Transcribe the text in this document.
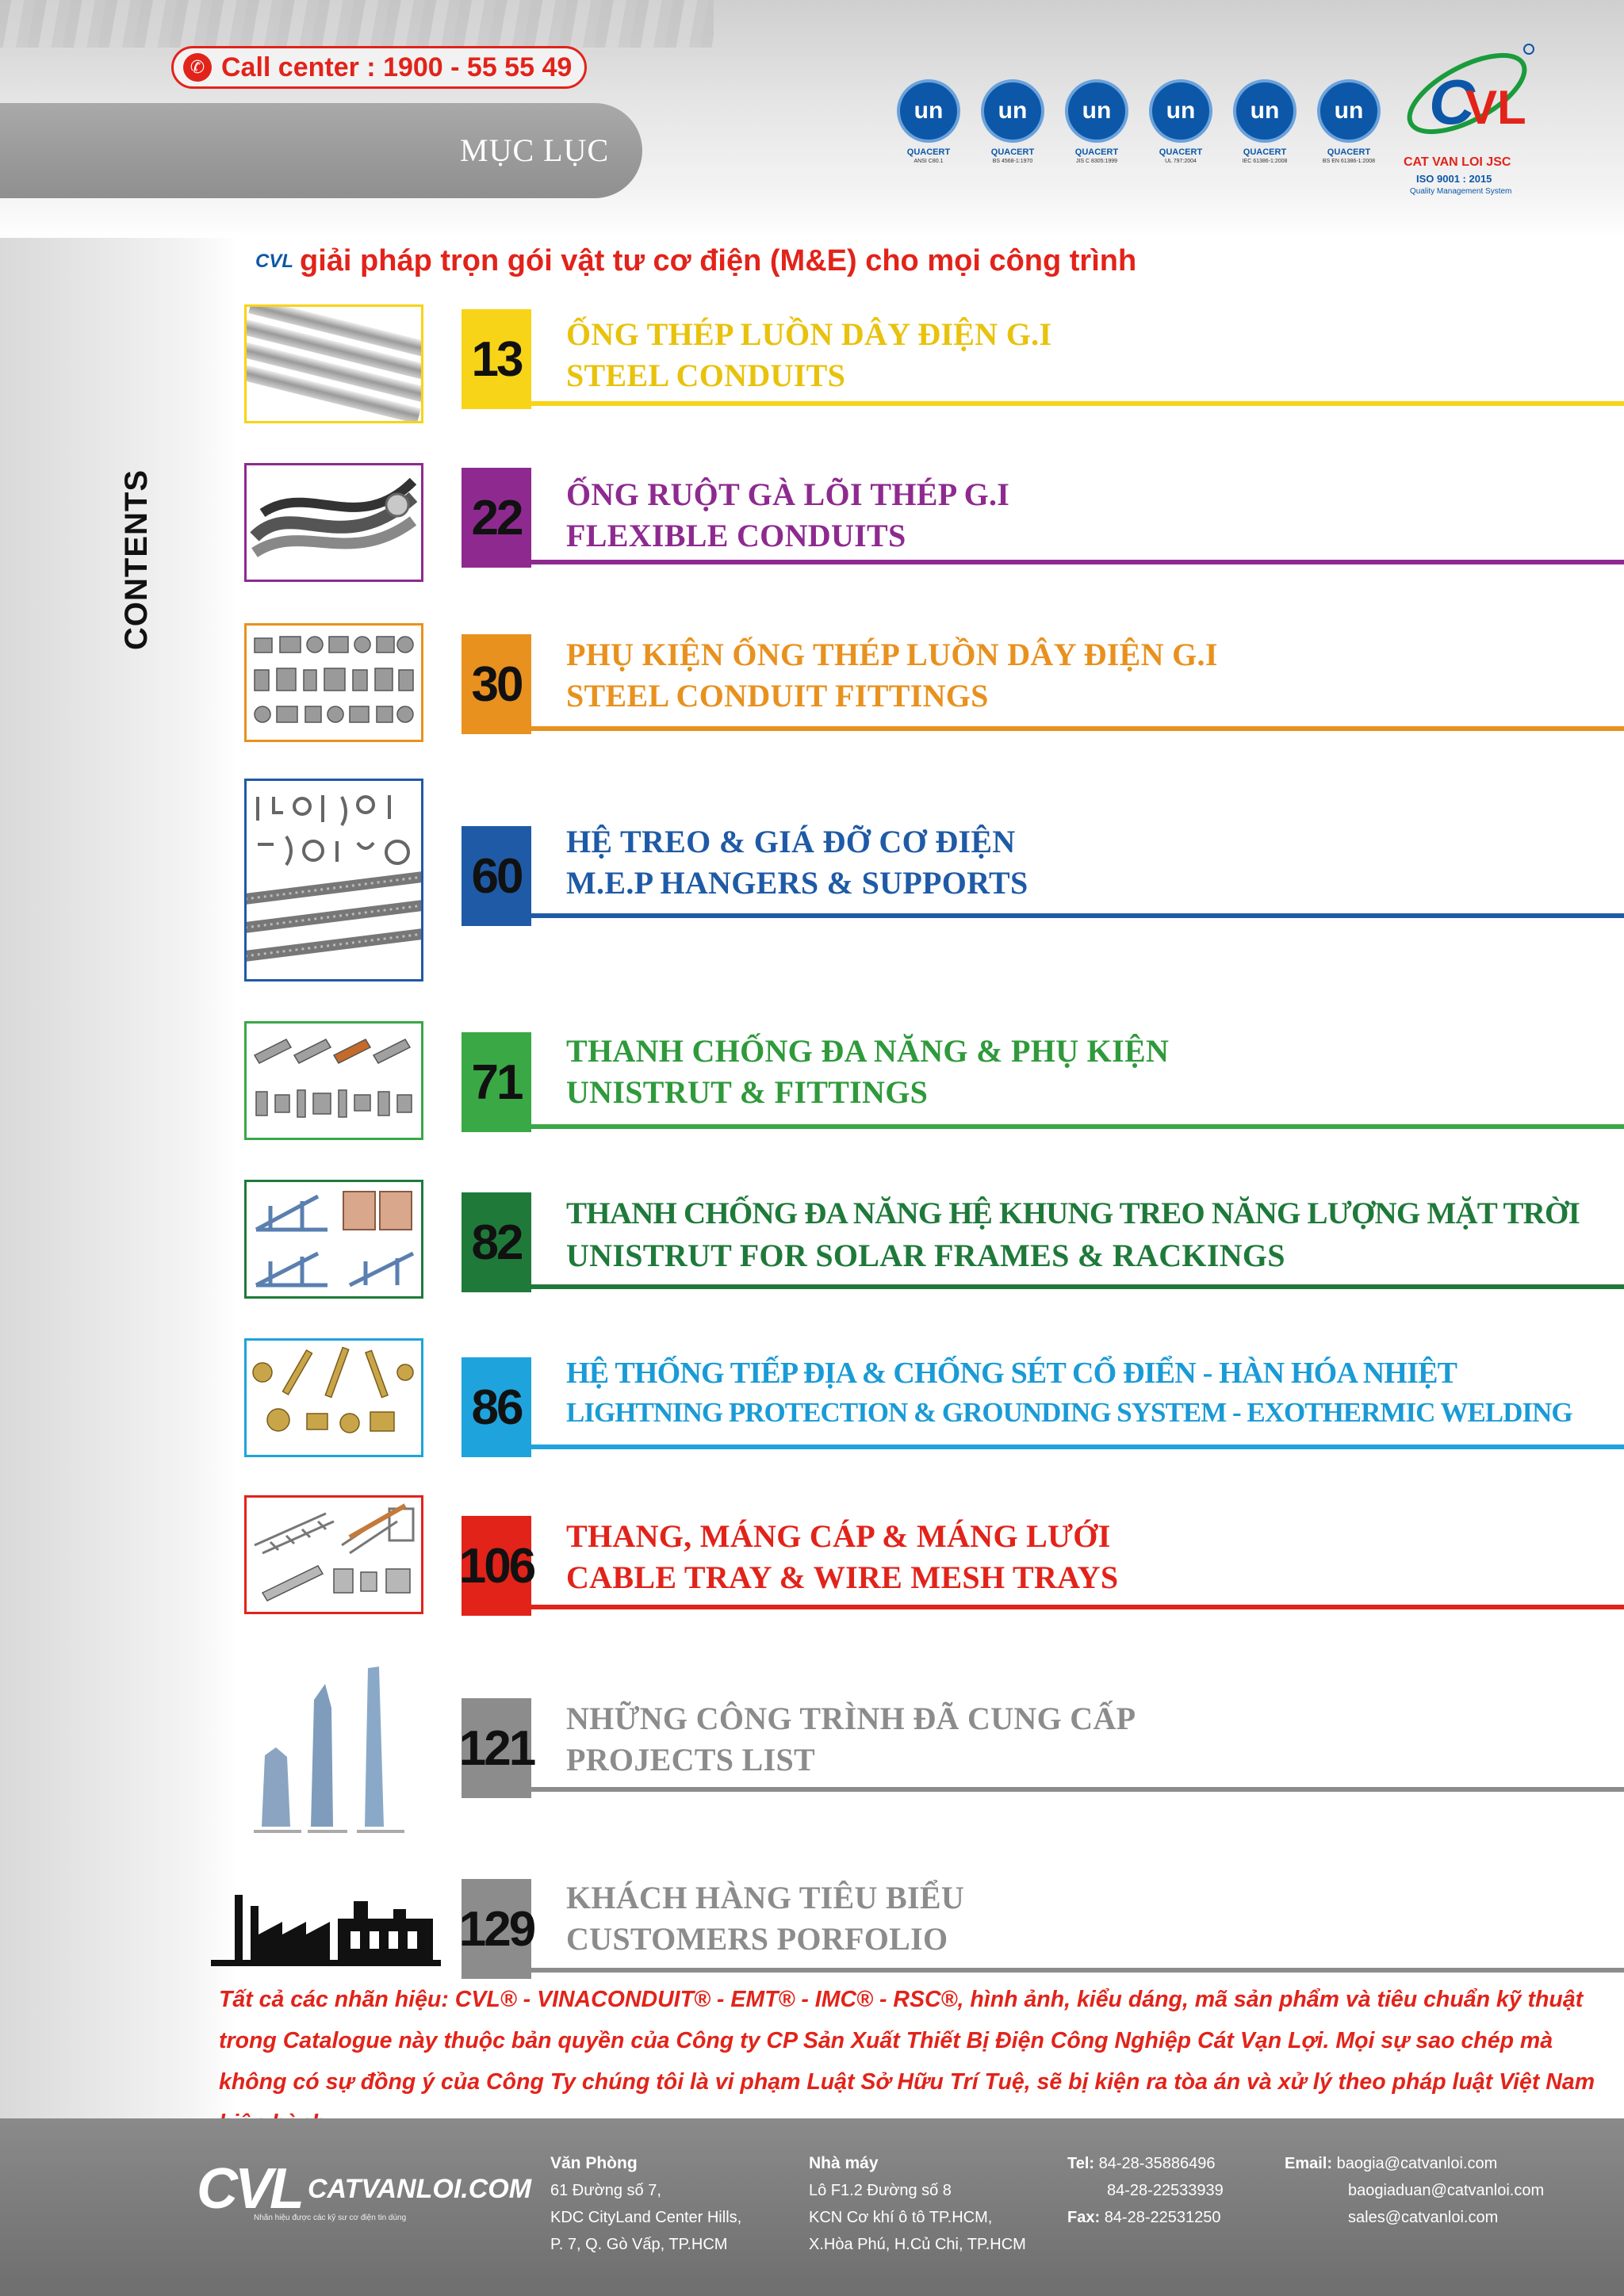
✆ Call center : 1900 - 55 55 49
MỤC LỤC
un
QUACERT
ANSI C80.1
un
QUACERT
BS 4568-1:1970
un
QUACERT
JIS C 8305:1999
un
QUACERT
UL 797:2004
un
QUACERT
IEC 61386-1:2008
un
QUACERT
BS EN 61386-1:2008
C
VL
CAT VAN LOI JSC
ISO 9001 : 2015
Quality Management System
CVL giải pháp trọn gói vật tư cơ điện (M&E) cho mọi công trình
CONTENTS
13	ỐNG THÉP LUỒN DÂY ĐIỆN G.I
STEEL CONDUITS
22	ỐNG RUỘT GÀ LÕI THÉP G.I
FLEXIBLE CONDUITS
30
PHỤ KIỆN ỐNG THÉP LUỒN DÂY ĐIỆN G.I
STEEL CONDUIT FITTINGS
60
HỆ TREO & GIÁ ĐỠ CƠ ĐIỆN
M.E.P HANGERS & SUPPORTS
71
THANH CHỐNG ĐA NĂNG & PHỤ KIỆN
UNISTRUT & FITTINGS
82
THANH CHỐNG ĐA NĂNG HỆ KHUNG TREO NĂNG LƯỢNG MẶT TRỜI
UNISTRUT FOR SOLAR FRAMES & RACKINGS
86
HỆ THỐNG TIẾP ĐỊA & CHỐNG SÉT CỔ ĐIỂN - HÀN HÓA NHIỆT
LIGHTNING PROTECTION & GROUNDING SYSTEM - EXOTHERMIC WELDING
106
THANG, MÁNG CÁP & MÁNG LƯỚI
CABLE TRAY & WIRE MESH TRAYS
121
NHỮNG CÔNG TRÌNH ĐÃ CUNG CẤP
PROJECTS LIST
129
KHÁCH HÀNG TIÊU BIỂU
CUSTOMERS PORFOLIO
Tất cả các nhãn hiệu: CVL® - VINACONDUIT® - EMT® - IMC® - RSC®, hình ảnh, kiểu dáng, mã sản phẩm và tiêu chuẩn kỹ thuật trong Catalogue này thuộc bản quyền của Công ty CP Sản Xuất Thiết Bị Điện Công Nghiệp Cát Vạn Lợi. Mọi sự sao chép mà không có sự đồng ý của Công Ty chúng tôi là vi phạm Luật Sở Hữu Trí Tuệ, sẽ bị kiện ra tòa án và xử lý theo pháp luật Việt Nam
CVL CATVANLOI.COM
Nhãn hiệu được các kỹ sư cơ điện tin dùng
Văn Phòng
61 Đường số 7,
KDC CityLand Center Hills,
P. 7, Q. Gò Vấp, TP.HCM
Nhà máy
Lô F1.2 Đường số 8
KCN Cơ khí ô tô TP.HCM,
X.Hòa Phú, H.Củ Chi, TP.HCM
Tel: 84-28-35886496
84-28-22533939
Fax: 84-28-22531250
Email: baogia@catvanloi.com
baogiaduan@catvanloi.com
sales@catvanloi.com
